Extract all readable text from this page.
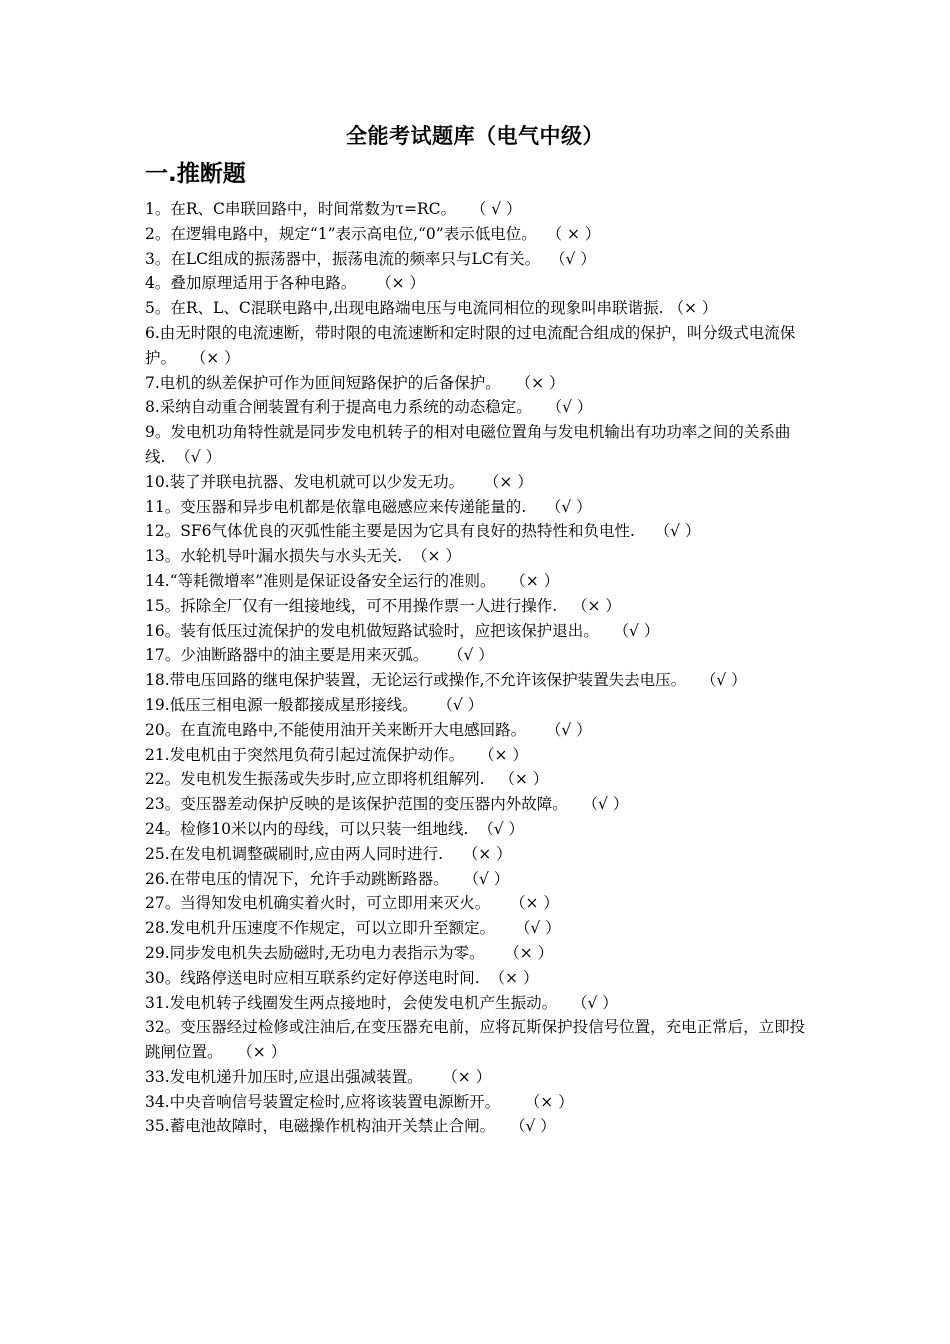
全能考试题库（电气中级）
一.推断题
1。在R、C串联回路中，时间常数为τ=RC。   （ √ ）
2。在逻辑电路中，规定“1”表示高电位,“0”表示低电位。  （ × ）
3。在LC组成的振荡器中，振荡电流的频率只与LC有关。  （√ ）
4。叠加原理适用于各种电路。    （× ）
5。在R、L、C混联电路中,出现电路端电压与电流同相位的现象叫串联谐振. （× ）
6.由无时限的电流速断，带时限的电流速断和定时限的过电流配合组成的保护，叫分级式电流保护。   （× ）
7.电机的纵差保护可作为匝间短路保护的后备保护。   （× ）
8.采纳自动重合闸装置有利于提高电力系统的动态稳定。   （√ ）
9。发电机功角特性就是同步发电机转子的相对电磁位置角与发电机输出有功功率之间的关系曲线.  （√ ）
10.装了并联电抗器、发电机就可以少发无功。    （× ）
11。变压器和异步电机都是依靠电磁感应来传递能量的.    （√ ）
12。SF6气体优良的灭弧性能主要是因为它具有良好的热特性和负电性.    （√ ）
13。水轮机导叶漏水损失与水头无关.  （× ）
14.“等耗微增率”准则是保证设备安全运行的准则。   （× ）
15。拆除全厂仅有一组接地线，可不用操作票一人进行操作.   （× ）
16。装有低压过流保护的发电机做短路试验时，应把该保护退出。   （√ ）
17。少油断路器中的油主要是用来灭弧。    （√ ）
18.带电压回路的继电保护装置，无论运行或操作,不允许该保护装置失去电压。   （√ ）
19.低压三相电源一般都接成星形接线。    （√ ）
20。在直流电路中,不能使用油开关来断开大电感回路。    （√ ）
21.发电机由于突然甩负荷引起过流保护动作。   （× ）
22。发电机发生振荡或失步时,应立即将机组解列.   （× ）
23。变压器差动保护反映的是该保护范围的变压器内外故障。   （√ ）
24。检修10米以内的母线，可以只装一组地线.  （√ ）
25.在发电机调整碳刷时,应由两人同时进行.    （× ）
26.在带电压的情况下，允许手动跳断路器。   （√ ）
27。当得知发电机确实着火时，可立即用来灭火。    （× ）
28.发电机升压速度不作规定，可以立即升至额定。    （√ ）
29.同步发电机失去励磁时,无功电力表指示为零。    （× ）
30。线路停送电时应相互联系约定好停送电时间.  （× ）
31.发电机转子线圈发生两点接地时，会使发电机产生振动。   （√ ）
32。变压器经过检修或注油后,在变压器充电前，应将瓦斯保护投信号位置，充电正常后，立即投跳闸位置。   （× ）
33.发电机递升加压时,应退出强减装置。    （× ）
34.中央音响信号装置定检时,应将该装置电源断开。     （× ）
35.蓄电池故障时，电磁操作机构油开关禁止合闸。   （√ ）
